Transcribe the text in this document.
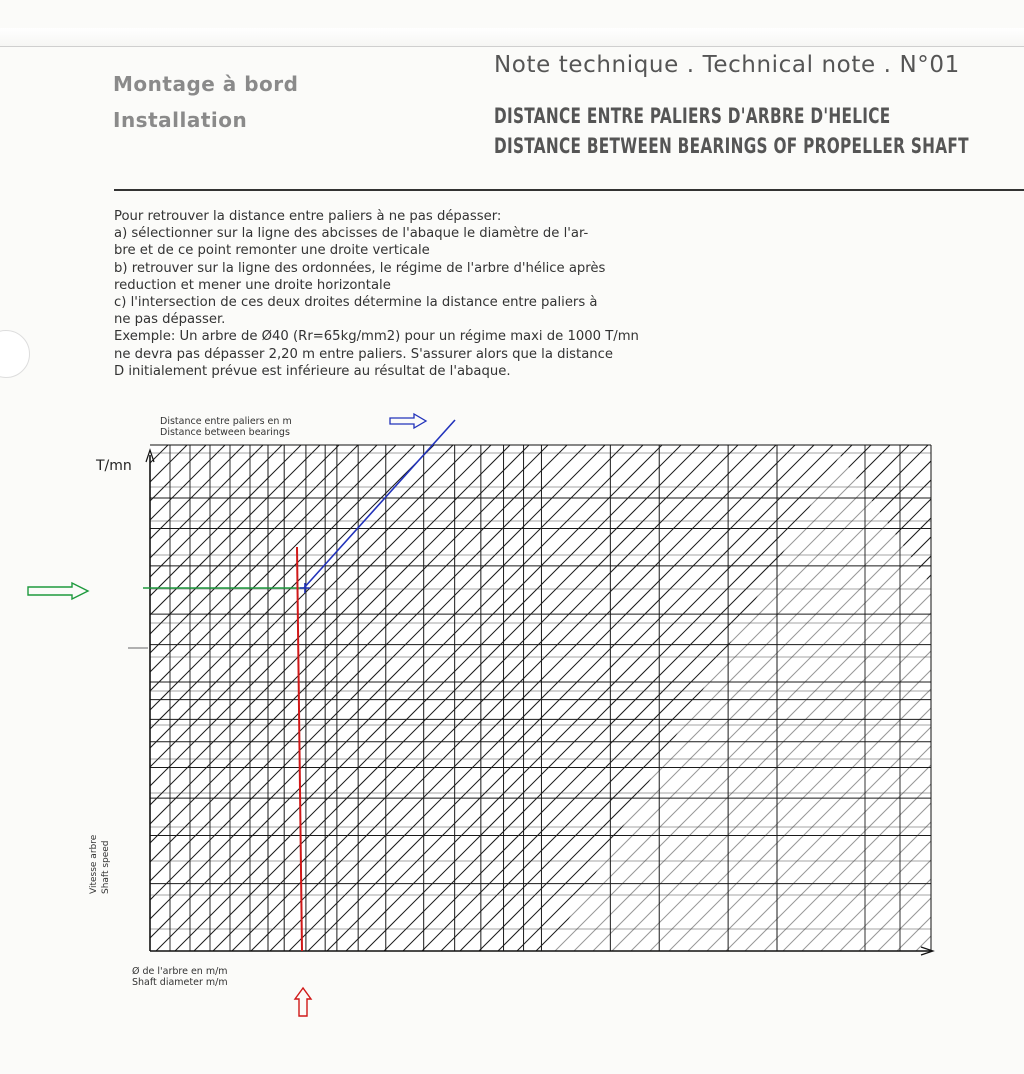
Montage à bord
Installation
Note technique . Technical note . N°01
DISTANCE ENTRE PALIERS D'ARBRE D'HELICE
DISTANCE BETWEEN BEARINGS OF PROPELLER SHAFT

Pour retrouver la distance entre paliers à ne pas dépasser:

a) sélectionner sur la ligne des abcisses de l'abaque le diamètre de l'ar-

bre et de ce point remonter une droite verticale

b) retrouver sur la ligne des ordonnées, le régime de l'arbre d'hélice après

reduction et mener une droite horizontale

c) l'intersection de ces deux droites détermine la distance entre paliers à

ne pas dépasser.

Exemple: Un arbre de Ø40 (Rr=65kg/mm2) pour un régime maxi de 1000 T/mn

ne devra pas dépasser 2,20 m entre paliers. S'assurer alors que la distance

D initialement prévue est inférieure au résultat de l'abaque.

Distance entre paliers en m
Distance between bearings
T/mn
Vitesse arbre Shaft speed
Ø de l'arbre en m/m
Shaft diameter m/m
